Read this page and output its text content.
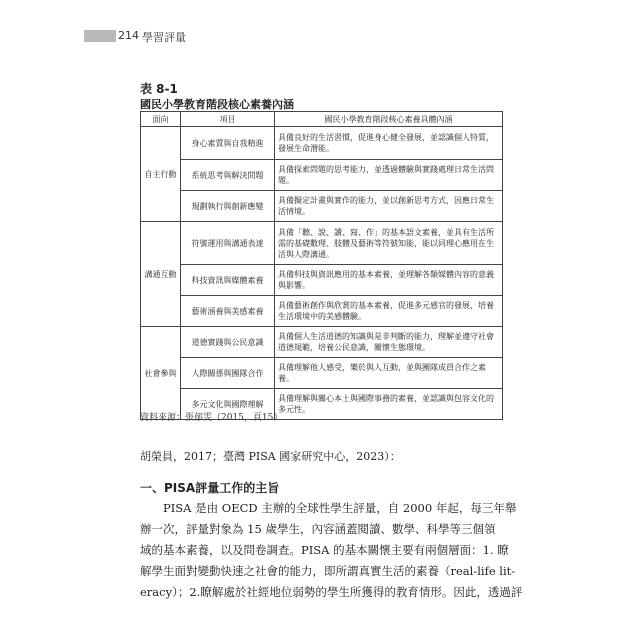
214 學習評量
表 8-1
國民小學教育階段核心素養內涵
面向	項目	國民小學教育階段核心素養具體內涵
自主行動	身心素質與自我精進	具備良好的生活習慣，促進身心健全發展，並認識個人特質，發展生命潛能。
	系統思考與解決問題	具備探索問題的思考能力，並透過體驗與實踐處理日常生活問題。
	規劃執行與創新應變	具備擬定計畫與實作的能力，並以創新思考方式，因應日常生活情境。
溝通互動	符號運用與溝通表達	具備「聽、說、讀、寫、作」的基本語文素養，並具有生活所需的基礎數理、肢體及藝術等符號知能，能以同理心應用在生活與人際溝通。
	科技資訊與媒體素養	具備科技與資訊應用的基本素養，並理解各類媒體內容的意義與影響。
	藝術涵養與美感素養	具備藝術創作與欣賞的基本素養，促進多元感官的發展，培養生活環境中的美感體驗。
社會參與	道德實踐與公民意識	具備個人生活道德的知識與是非判斷的能力，理解並遵守社會道德規範，培養公民意識，關懷生態環境。
	人際關係與團隊合作	具備理解他人感受，樂於與人互動，並與團隊成員合作之素養。
	多元文化與國際理解	具備理解與關心本土與國際事務的素養，並認識與包容文化的多元性。
資料來源：張郁雯（2015，頁15）
胡榮員，2017；臺灣 PISA 國家研究中心，2023）：
一、PISA評量工作的主旨
PISA 是由 OECD 主辦的全球性學生評量，自 2000 年起，每三年舉
辦一次，評量對象為 15 歲學生，內容涵蓋閱讀、數學、科學等三個領
域的基本素養，以及問卷調查。PISA 的基本關懷主要有兩個層面：1. 瞭
解學生面對變動快速之社會的能力，即所謂真實生活的素養（real-life lit-
eracy）；2.瞭解處於社經地位弱勢的學生所獲得的教育情形。因此，透過評
